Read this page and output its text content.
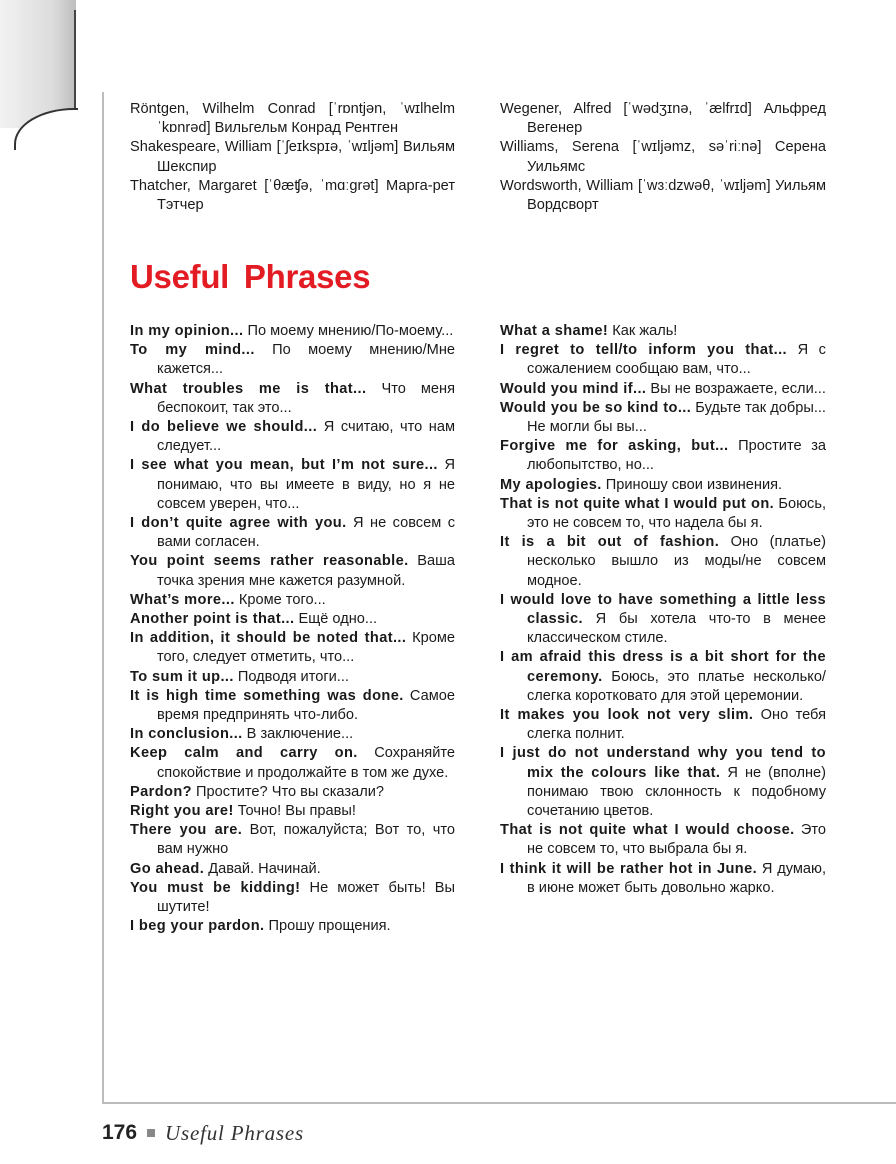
Röntgen, Wilhelm Conrad [ˈrɒntjən, ˈwɪlhelm ˈkɒnrəd] Вильгельм Конрад Рентген
Shakespeare, William [ˈʃeɪkspɪə, ˈwɪljəm] Вильям Шекспир
Thatcher, Margaret [ˈθæʧə, ˈmɑːgrət] Марга-рет Тэтчер
Wegener, Alfred [ˈwədʒɪnə, ˈælfrɪd] Альфред Вегенер
Williams, Serena [ˈwɪljəmz, səˈriːnə] Серена Уильямс
Wordsworth, William [ˈwɜːdzwəθ, ˈwɪljəm] Уильям Вордсворт
Useful Phrases
In my opinion... По моему мнению/По-моему...
To my mind... По моему мнению/Мне кажется...
What troubles me is that... Что меня беспокоит, так это...
I do believe we should... Я считаю, что нам следует...
I see what you mean, but I’m not sure... Я понимаю, что вы имеете в виду, но я не совсем уверен, что...
I don’t quite agree with you. Я не совсем с вами согласен.
You point seems rather reasonable. Ваша точка зрения мне кажется разумной.
What’s more... Кроме того...
Another point is that... Ещё одно...
In addition, it should be noted that... Кроме того, следует отметить, что...
To sum it up... Подводя итоги...
It is high time something was done. Самое время предпринять что-либо.
In conclusion... В заключение...
Keep calm and carry on. Сохраняйте спокойствие и продолжайте в том же духе.
Pardon? Простите? Что вы сказали?
Right you are! Точно! Вы правы!
There you are. Вот, пожалуйста; Вот то, что вам нужно
Go ahead. Давай. Начинай.
You must be kidding! Не может быть! Вы шутите!
I beg your pardon. Прошу прощения.
What a shame! Как жаль!
I regret to tell/to inform you that... Я с сожалением сообщаю вам, что...
Would you mind if... Вы не возражаете, если...
Would you be so kind to... Будьте так добры... Не могли бы вы...
Forgive me for asking, but... Простите за любопытство, но...
My apologies. Приношу свои извинения.
That is not quite what I would put on. Боюсь, это не совсем то, что надела бы я.
It is a bit out of fashion. Оно (платье) несколько вышло из моды/не совсем модное.
I would love to have something a little less classic. Я бы хотела что-то в менее классическом стиле.
I am afraid this dress is a bit short for the ceremony. Боюсь, это платье несколько/слегка коротковато для этой церемонии.
It makes you look not very slim. Оно тебя слегка полнит.
I just do not understand why you tend to mix the colours like that. Я не (вполне) понимаю твою склонность к подобному сочетанию цветов.
That is not quite what I would choose. Это не совсем то, что выбрала бы я.
I think it will be rather hot in June. Я думаю, в июне может быть довольно жарко.
176 Useful Phrases
